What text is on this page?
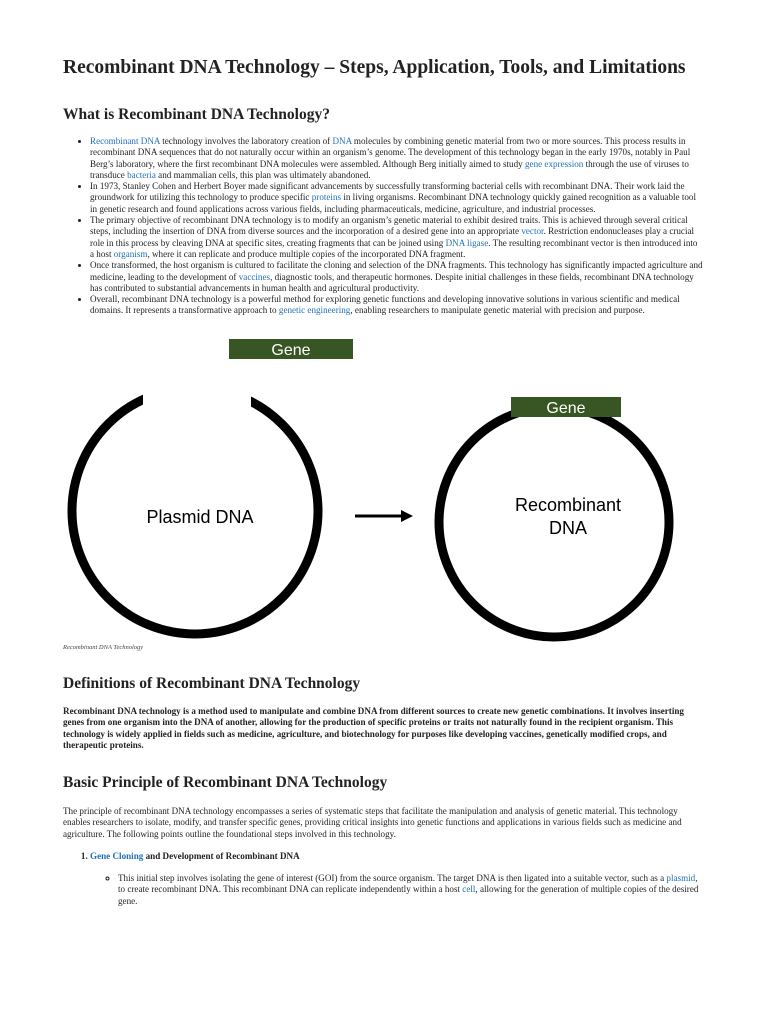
Recombinant DNA Technology – Steps, Application, Tools, and Limitations
What is Recombinant DNA Technology?
• Recombinant DNA technology involves the laboratory creation of DNA molecules by combining genetic material from two or more sources. This process results in recombinant DNA sequences that do not naturally occur within an organism’s genome. The development of this technology began in the early 1970s, notably in Paul Berg’s laboratory, where the first recombinant DNA molecules were assembled. Although Berg initially aimed to study gene expression through the use of viruses to transduce bacteria and mammalian cells, this plan was ultimately abandoned.
• In 1973, Stanley Cohen and Herbert Boyer made significant advancements by successfully transforming bacterial cells with recombinant DNA. Their work laid the groundwork for utilizing this technology to produce specific proteins in living organisms. Recombinant DNA technology quickly gained recognition as a valuable tool in genetic research and found applications across various fields, including pharmaceuticals, medicine, agriculture, and industrial processes.
• The primary objective of recombinant DNA technology is to modify an organism’s genetic material to exhibit desired traits. This is achieved through several critical steps, including the insertion of DNA from diverse sources and the incorporation of a desired gene into an appropriate vector. Restriction endonucleases play a crucial role in this process by cleaving DNA at specific sites, creating fragments that can be joined using DNA ligase. The resulting recombinant vector is then introduced into a host organism, where it can replicate and produce multiple copies of the incorporated DNA fragment.
• Once transformed, the host organism is cultured to facilitate the cloning and selection of the DNA fragments. This technology has significantly impacted agriculture and medicine, leading to the development of vaccines, diagnostic tools, and therapeutic hormones. Despite initial challenges in these fields, recombinant DNA technology has contributed to substantial advancements in human health and agricultural productivity.
• Overall, recombinant DNA technology is a powerful method for exploring genetic functions and developing innovative solutions in various scientific and medical domains. It represents a transformative approach to genetic engineering, enabling researchers to manipulate genetic material with precision and purpose.
Gene
Plasmid DNA
Gene
Recombinant
DNA
Recombinant DNA Technology
Definitions of Recombinant DNA Technology

Recombinant DNA technology is a method used to manipulate and combine DNA from different sources to create new genetic combinations. It involves inserting genes from one organism into the DNA of another, allowing for the production of specific proteins or traits not naturally found in the recipient organism. This technology is widely applied in fields such as medicine, agriculture, and biotechnology for purposes like developing vaccines, genetically modified crops, and therapeutic proteins.

Basic Principle of Recombinant DNA Technology

The principle of recombinant DNA technology encompasses a series of systematic steps that facilitate the manipulation and analysis of genetic material. This technology enables researchers to isolate, modify, and transfer specific genes, providing critical insights into genetic functions and applications in various fields such as medicine and agriculture. The following points outline the foundational steps involved in this technology.

1. Gene Cloning and Development of Recombinant DNA
◦ This initial step involves isolating the gene of interest (GOI) from the source organism. The target DNA is then ligated into a suitable vector, such as a plasmid, to create recombinant DNA. This recombinant DNA can replicate independently within a host cell, allowing for the generation of multiple copies of the desired gene.
